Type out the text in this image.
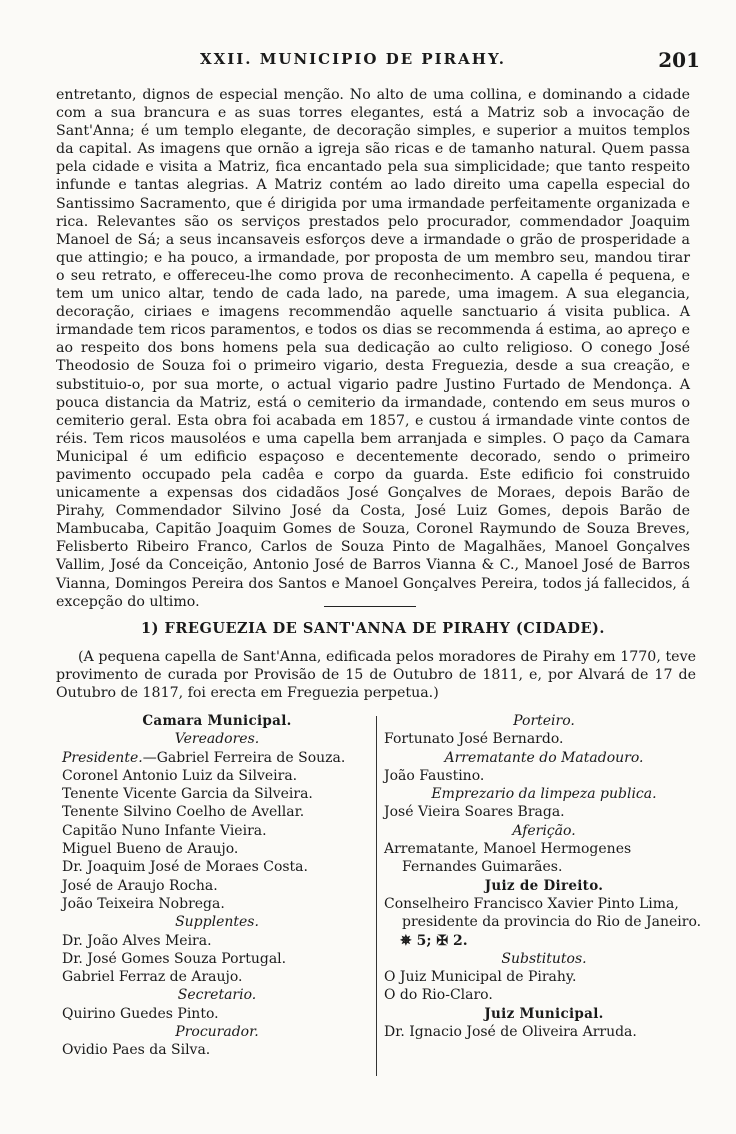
XXII. MUNICIPIO DE PIRAHY.	201

entretanto, dignos de especial menção. No alto de uma collina, e dominando a cidade com a sua brancura e as suas torres elegantes, está a Matriz sob a invocação de Sant'Anna; é um templo elegante, de decoração simples, e superior a muitos templos da capital. As imagens que ornão a igreja são ricas e de tamanho natural. Quem passa pela cidade e visita a Matriz, fica encantado pela sua simplicidade; que tanto respeito infunde e tantas alegrias. A Matriz contém ao lado direito uma capella especial do Santissimo Sacramento, que é dirigida por uma irmandade perfeitamente organizada e rica. Relevantes são os serviços prestados pelo procurador, commendador Joaquim Manoel de Sá; a seus incansaveis esforços deve a irmandade o grão de prosperidade a que attingio; e ha pouco, a irmandade, por proposta de um membro seu, mandou tirar o seu retrato, e offereceu-lhe como prova de reconhecimento. A capella é pequena, e tem um unico altar, tendo de cada lado, na parede, uma imagem. A sua elegancia, decoração, ciriaes e imagens recommendão aquelle sanctuario á visita publica. A irmandade tem ricos paramentos, e todos os dias se recommenda á estima, ao apreço e ao respeito dos bons homens pela sua dedicação ao culto religioso. O conego José Theodosio de Souza foi o primeiro vigario, desta Freguezia, desde a sua creação, e substituio-o, por sua morte, o actual vigario padre Justino Furtado de Mendonça. A pouca distancia da Matriz, está o cemiterio da irmandade, contendo em seus muros o cemiterio geral. Esta obra foi acabada em 1857, e custou á irmandade vinte contos de réis. Tem ricos mausoléos e uma capella bem arranjada e simples. O paço da Camara Municipal é um edificio espaçoso e decentemente decorado, sendo o primeiro pavimento occupado pela cadêa e corpo da guarda. Este edificio foi construido unicamente a expensas dos cidadãos José Gonçalves de Moraes, depois Barão de Pirahy, Commendador Silvino José da Costa, José Luiz Gomes, depois Barão de Mambucaba, Capitão Joaquim Gomes de Souza, Coronel Raymundo de Souza Breves, Felisberto Ribeiro Franco, Carlos de Souza Pinto de Magalhães, Manoel Gonçalves Vallim, José da Conceição, Antonio José de Barros Vianna & C., Manoel José de Barros Vianna, Domingos Pereira dos Santos e Manoel Gonçalves Pereira, todos já fallecidos, á excepção do ultimo.

1) FREGUEZIA DE SANT'ANNA DE PIRAHY (CIDADE).

(A pequena capella de Sant'Anna, edificada pelos moradores de Pirahy em 1770, teve provimento de curada por Provisão de 15 de Outubro de 1811, e, por Alvará de 17 de Outubro de 1817, foi erecta em Freguezia perpetua.)

Camara Municipal.
Vereadores.
Presidente.—Gabriel Ferreira de Souza.
Coronel Antonio Luiz da Silveira.
Tenente Vicente Garcia da Silveira.
Tenente Silvino Coelho de Avellar.
Capitão Nuno Infante Vieira.
Miguel Bueno de Araujo.
Dr. Joaquim José de Moraes Costa.
José de Araujo Rocha.
João Teixeira Nobrega.
Supplentes.
Dr. João Alves Meira.
Dr. José Gomes Souza Portugal.
Gabriel Ferraz de Araujo.
Secretario.
Quirino Guedes Pinto.
Procurador.
Ovidio Paes da Silva.
Porteiro.
Fortunato José Bernardo.
Arrematante do Matadouro.
João Faustino.
Emprezario da limpeza publica.
José Vieira Soares Braga.
Aferição.
Arrematante, Manoel Hermogenes Fernandes Guimarães.
Juiz de Direito.
Conselheiro Francisco Xavier Pinto Lima, presidente da provincia do Rio de Janeiro.
✵ 5; ✠ 2.
Substitutos.
O Juiz Municipal de Pirahy.
O do Rio-Claro.
Juiz Municipal.
Dr. Ignacio José de Oliveira Arruda.
